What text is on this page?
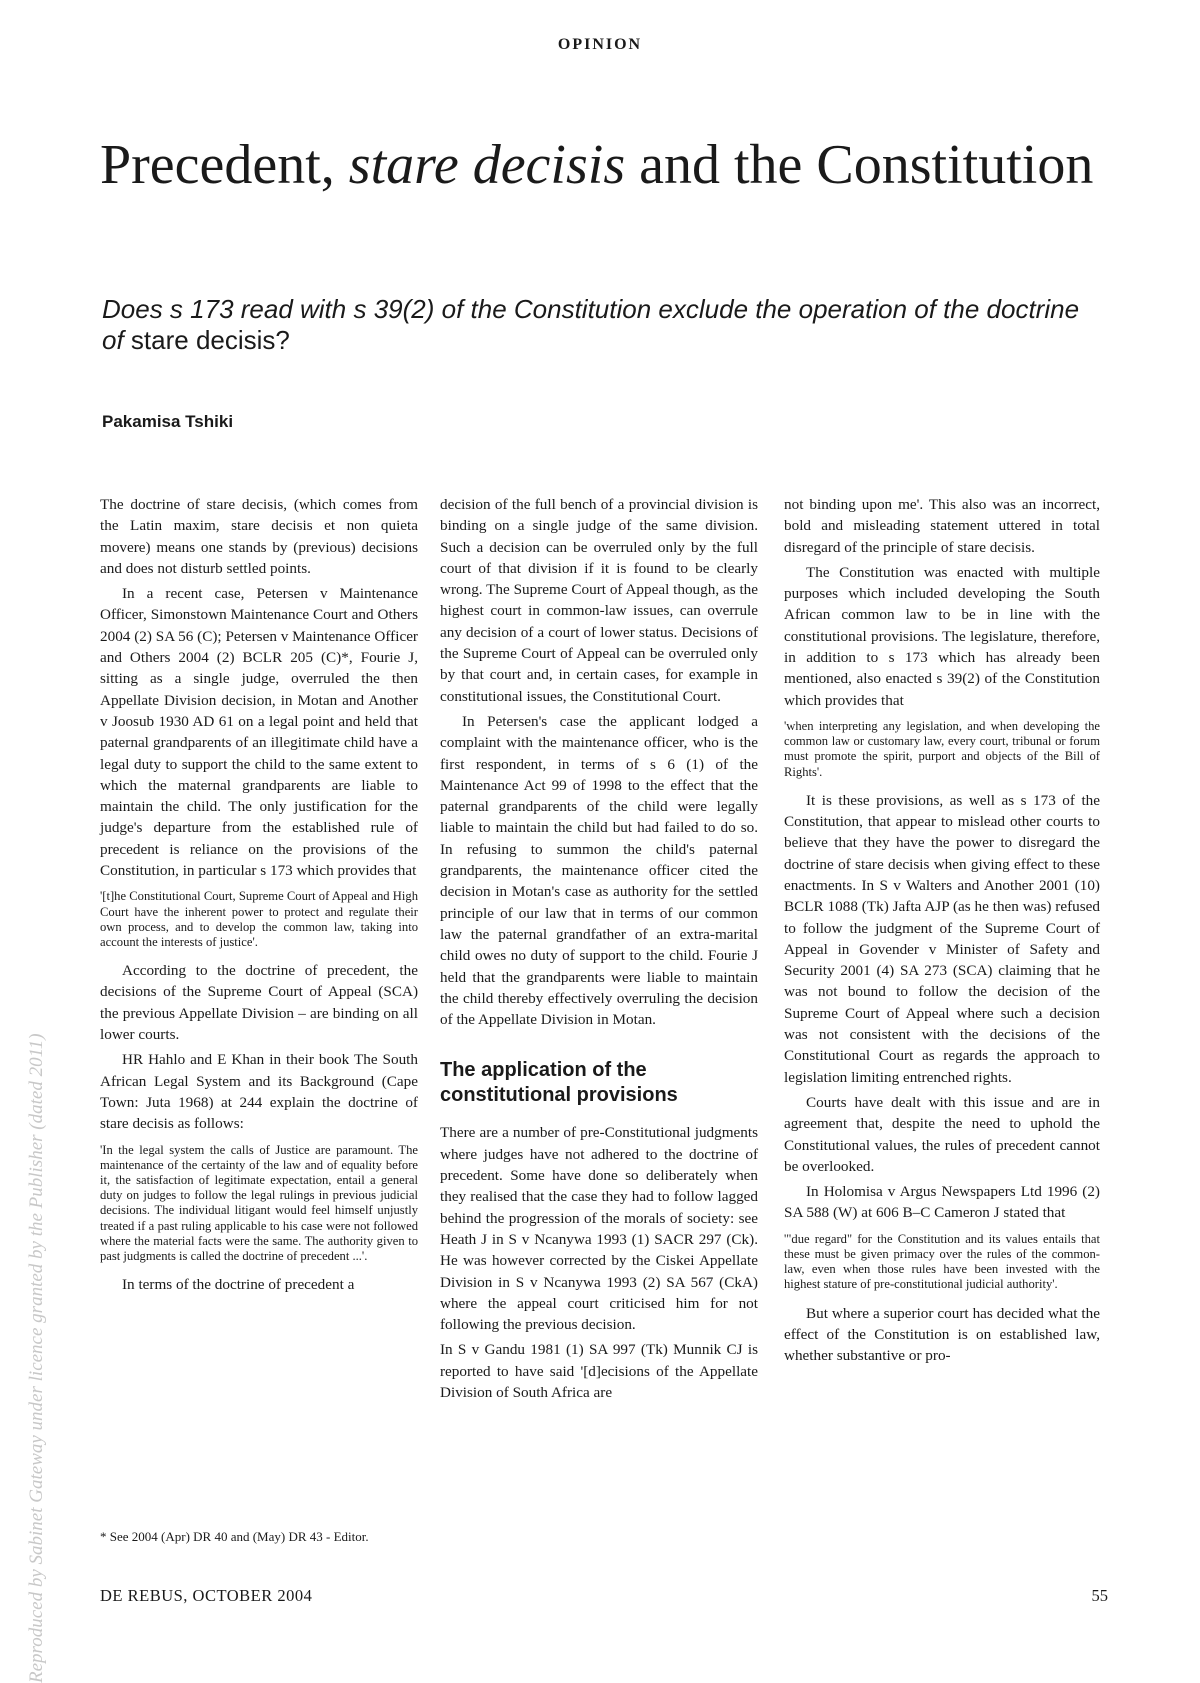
OPINION
Precedent, stare decisis and the Constitution

Does s 173 read with s 39(2) of the Constitution exclude the operation of the doctrine of stare decisis?

Pakamisa Tshiki

The doctrine of stare decisis, (which comes from the Latin maxim, stare decisis et non quieta movere) means one stands by (previous) decisions and does not disturb settled points.

In a recent case, Petersen v Maintenance Officer, Simonstown Maintenance Court and Others 2004 (2) SA 56 (C); Petersen v Maintenance Officer and Others 2004 (2) BCLR 205 (C)*, Fourie J, sitting as a single judge, overruled the then Appellate Division decision, in Motan and Another v Joosub 1930 AD 61 on a legal point and held that paternal grandparents of an illegitimate child have a legal duty to support the child to the same extent to which the maternal grandparents are liable to maintain the child. The only justification for the judge's departure from the established rule of precedent is reliance on the provisions of the Constitution, in particular s 173 which provides that

'[t]he Constitutional Court, Supreme Court of Appeal and High Court have the inherent power to protect and regulate their own process, and to develop the common law, taking into account the interests of justice'.

According to the doctrine of precedent, the decisions of the Supreme Court of Appeal (SCA) the previous Appellate Division – are binding on all lower courts.

HR Hahlo and E Khan in their book The South African Legal System and its Background (Cape Town: Juta 1968) at 244 explain the doctrine of stare decisis as follows:

'In the legal system the calls of Justice are paramount. The maintenance of the certainty of the law and of equality before it, the satisfaction of legitimate expectation, entail a general duty on judges to follow the legal rulings in previous judicial decisions. The individual litigant would feel himself unjustly treated if a past ruling applicable to his case were not followed where the material facts were the same. The authority given to past judgments is called the doctrine of precedent ...'.

In terms of the doctrine of precedent a

decision of the full bench of a provincial division is binding on a single judge of the same division. Such a decision can be overruled only by the full court of that division if it is found to be clearly wrong. The Supreme Court of Appeal though, as the highest court in common-law issues, can overrule any decision of a court of lower status. Decisions of the Supreme Court of Appeal can be overruled only by that court and, in certain cases, for example in constitutional issues, the Constitutional Court.

In Petersen's case the applicant lodged a complaint with the maintenance officer, who is the first respondent, in terms of s 6 (1) of the Maintenance Act 99 of 1998 to the effect that the paternal grandparents of the child were legally liable to maintain the child but had failed to do so. In refusing to summon the child's paternal grandparents, the maintenance officer cited the decision in Motan's case as authority for the settled principle of our law that in terms of our common law the paternal grandfather of an extra-marital child owes no duty of support to the child. Fourie J held that the grandparents were liable to maintain the child thereby effectively overruling the decision of the Appellate Division in Motan.

The application of the constitutional provisions

There are a number of pre-Constitutional judgments where judges have not adhered to the doctrine of precedent. Some have done so deliberately when they realised that the case they had to follow lagged behind the progression of the morals of society: see Heath J in S v Ncanywa 1993 (1) SACR 297 (Ck). He was however corrected by the Ciskei Appellate Division in S v Ncanywa 1993 (2) SA 567 (CkA) where the appeal court criticised him for not following the previous decision.

In S v Gandu 1981 (1) SA 997 (Tk) Munnik CJ is reported to have said '[d]ecisions of the Appellate Division of South Africa are

not binding upon me'. This also was an incorrect, bold and misleading statement uttered in total disregard of the principle of stare decisis.

The Constitution was enacted with multiple purposes which included developing the South African common law to be in line with the constitutional provisions. The legislature, therefore, in addition to s 173 which has already been mentioned, also enacted s 39(2) of the Constitution which provides that

'when interpreting any legislation, and when developing the common law or customary law, every court, tribunal or forum must promote the spirit, purport and objects of the Bill of Rights'.

It is these provisions, as well as s 173 of the Constitution, that appear to mislead other courts to believe that they have the power to disregard the doctrine of stare decisis when giving effect to these enactments. In S v Walters and Another 2001 (10) BCLR 1088 (Tk) Jafta AJP (as he then was) refused to follow the judgment of the Supreme Court of Appeal in Govender v Minister of Safety and Security 2001 (4) SA 273 (SCA) claiming that he was not bound to follow the decision of the Supreme Court of Appeal where such a decision was not consistent with the decisions of the Constitutional Court as regards the approach to legislation limiting entrenched rights.

Courts have dealt with this issue and are in agreement that, despite the need to uphold the Constitutional values, the rules of precedent cannot be overlooked.

In Holomisa v Argus Newspapers Ltd 1996 (2) SA 588 (W) at 606 B–C Cameron J stated that

'"due regard" for the Constitution and its values entails that these must be given primacy over the rules of the common-law, even when those rules have been invested with the highest stature of pre-constitutional judicial authority'.

But where a superior court has decided what the effect of the Constitution is on established law, whether substantive or pro-

* See 2004 (Apr) DR 40 and (May) DR 43 - Editor.
DE REBUS, OCTOBER 2004	55
Reproduced by Sabinet Gateway under licence granted by the Publisher (dated 2011)
